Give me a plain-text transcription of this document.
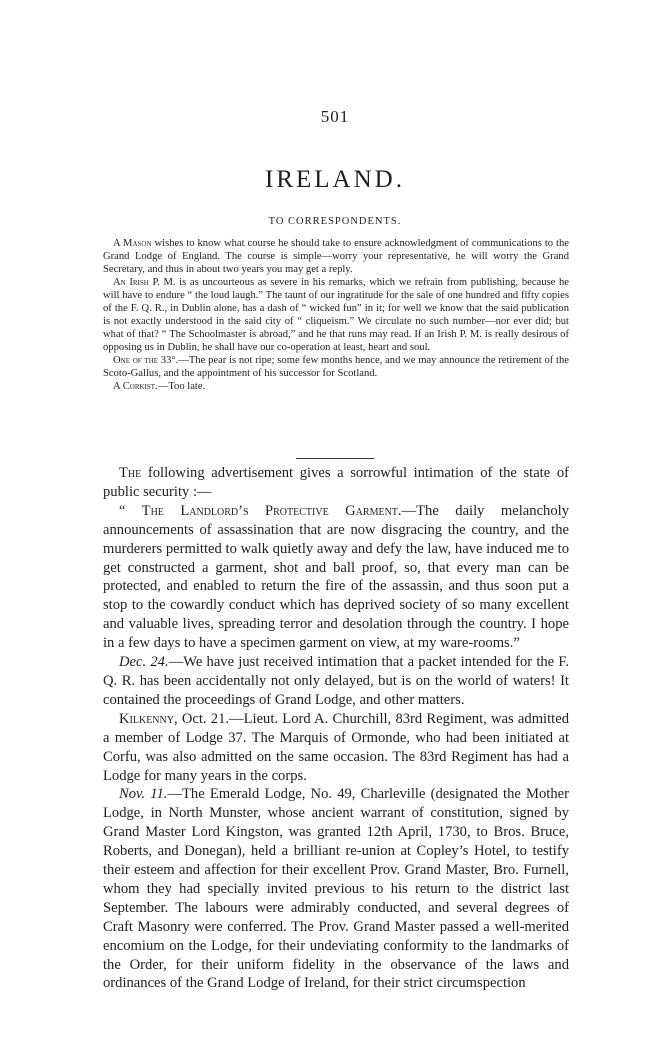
501
IRELAND.
TO CORRESPONDENTS.

A Mason wishes to know what course he should take to ensure acknowledgment of communications to the Grand Lodge of England. The course is simple—worry your representative, he will worry the Grand Secretary, and thus in about two years you may get a reply.

An Irish P. M. is as uncourteous as severe in his remarks, which we refrain from publishing, because he will have to endure “ the loud laugh.” The taunt of our ingratitude for the sale of one hundred and fifty copies of the F. Q. R., in Dublin alone, has a dash of “ wicked fun” in it; for well we know that the said publication is not exactly understood in the said city of “ cliqueism.” We circulate no such number—nor ever did; but what of that? “ The Schoolmaster is abroad,” and he that runs may read. If an Irish P. M. is really desirous of opposing us in Dublin, he shall have our co-operation at least, heart and soul.

One of the 33°.—The pear is not ripe; some few months hence, and we may announce the retirement of the Scoto-Gallus, and the appointment of his successor for Scotland.

A Corkist.—Too late.

The following advertisement gives a sorrowful intimation of the state of public security :—

“ The Landlord’s Protective Garment.—The daily melancholy announcements of assassination that are now disgracing the country, and the murderers permitted to walk quietly away and defy the law, have induced me to get constructed a garment, shot and ball proof, so, that every man can be protected, and enabled to return the fire of the assassin, and thus soon put a stop to the cowardly conduct which has deprived society of so many excellent and valuable lives, spreading terror and desolation through the country. I hope in a few days to have a specimen garment on view, at my ware-rooms.”

Dec. 24.—We have just received intimation that a packet intended for the F. Q. R. has been accidentally not only delayed, but is on the world of waters! It contained the proceedings of Grand Lodge, and other matters.

Kilkenny, Oct. 21.—Lieut. Lord A. Churchill, 83rd Regiment, was admitted a member of Lodge 37. The Marquis of Ormonde, who had been initiated at Corfu, was also admitted on the same occasion. The 83rd Regiment has had a Lodge for many years in the corps.

Nov. 11.—The Emerald Lodge, No. 49, Charleville (designated the Mother Lodge, in North Munster, whose ancient warrant of constitution, signed by Grand Master Lord Kingston, was granted 12th April, 1730, to Bros. Bruce, Roberts, and Donegan), held a brilliant re-union at Copley’s Hotel, to testify their esteem and affection for their excellent Prov. Grand Master, Bro. Furnell, whom they had specially invited previous to his return to the district last September. The labours were admirably conducted, and several degrees of Craft Masonry were conferred. The Prov. Grand Master passed a well-merited encomium on the Lodge, for their undeviating conformity to the landmarks of the Order, for their uniform fidelity in the observance of the laws and ordinances of the Grand Lodge of Ireland, for their strict circumspection
